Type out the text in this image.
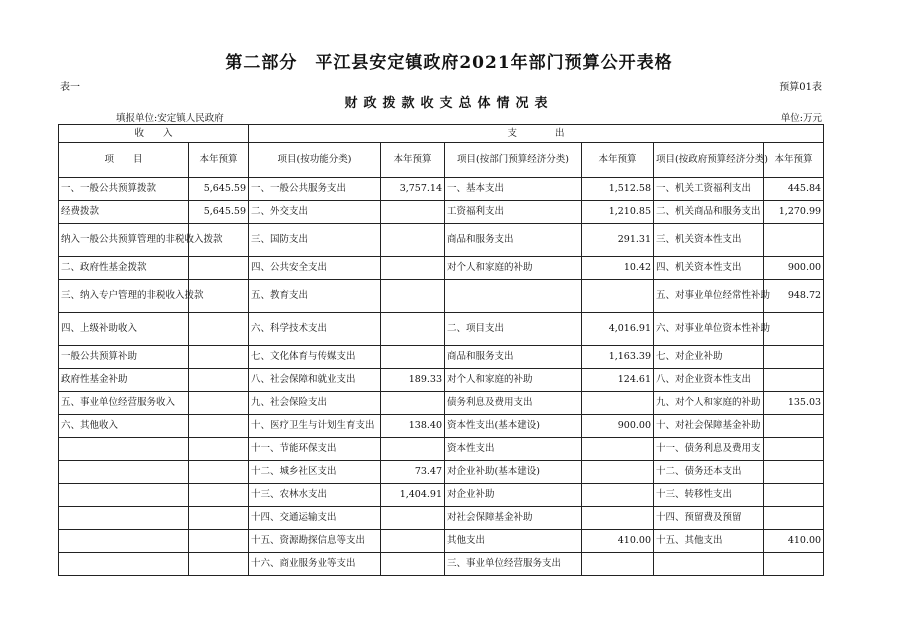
第二部分　平江县安定镇政府2021年部门预算公开表格
表一	预算01表
财政拨款收支总体情况表
填报单位:安定镇人民政府	单位:万元
收　　入		支　　　　出					
项　　目	本年预算	项目(按功能分类)	本年预算	项目(按部门预算经济分类)	本年预算	项目(按政府预算经济分类)	本年预算
一、一般公共预算拨款	5,645.59	一、一般公共服务支出	3,757.14	一、基本支出	1,512.58	一、机关工资福利支出	445.84
经费拨款	5,645.59	二、外交支出		工资福利支出	1,210.85	二、机关商品和服务支出	1,270.99
纳入一般公共预算管理的非税收入拨款		三、国防支出		商品和服务支出	291.31	三、机关资本性支出	
二、政府性基金拨款		四、公共安全支出		对个人和家庭的补助	10.42	四、机关资本性支出	900.00
三、纳入专户管理的非税收入拨款		五、教育支出				五、对事业单位经常性补助	948.72
四、上级补助收入		六、科学技术支出		二、项目支出	4,016.91	六、对事业单位资本性补助	
一般公共预算补助		七、文化体育与传媒支出		商品和服务支出	1,163.39	七、对企业补助	
政府性基金补助		八、社会保障和就业支出	189.33	对个人和家庭的补助	124.61	八、对企业资本性支出	
五、事业单位经营服务收入		九、社会保险支出		债务利息及费用支出		九、对个人和家庭的补助	135.03
六、其他收入		十、医疗卫生与计划生育支出	138.40	资本性支出(基本建设)	900.00	十、对社会保障基金补助	
		十一、节能环保支出		资本性支出		十一、债务利息及费用支	
		十二、城乡社区支出	73.47	对企业补助(基本建设)		十二、债务还本支出	
		十三、农林水支出	1,404.91	对企业补助		十三、转移性支出	
		十四、交通运输支出		对社会保障基金补助		十四、预留费及预留	
		十五、资源勘探信息等支出		其他支出	410.00	十五、其他支出	410.00
		十六、商业服务业等支出		三、事业单位经营服务支出			
